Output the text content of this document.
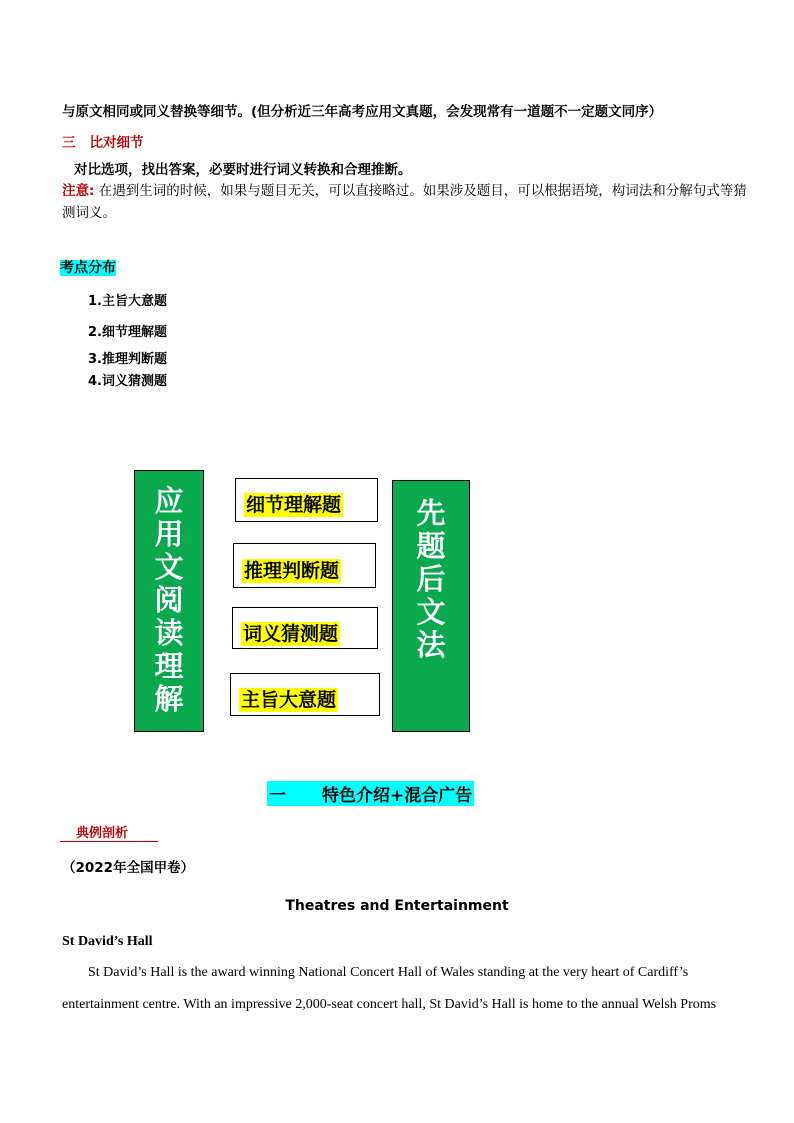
与原文相同或同义替换等细节。(但分析近三年高考应用文真题，会发现常有一道题不一定题文同序）
三 比对细节
对比选项，找出答案，必要时进行词义转换和合理推断。
注意: 在遇到生词的时候，如果与题目无关，可以直接略过。如果涉及题目，可以根据语境，构词法和分解句式等猜测词义。
考点分布
1.主旨大意题
2.细节理解题
3.推理判断题
4.词义猜测题
应
用
文
阅
读
理
解
先
题
后
文
法
细节理解题
推理判断题
词义猜测题
主旨大意题
一 特色介绍+混合广告
典例剖析
（2022年全国甲卷）
Theatres and Entertainment
St David’s Hall
St David’s Hall is the award winning National Concert Hall of Wales standing at the very heart of Cardiff’s
entertainment centre. With an impressive 2,000-seat concert hall, St David’s Hall is home to the annual Welsh Proms
